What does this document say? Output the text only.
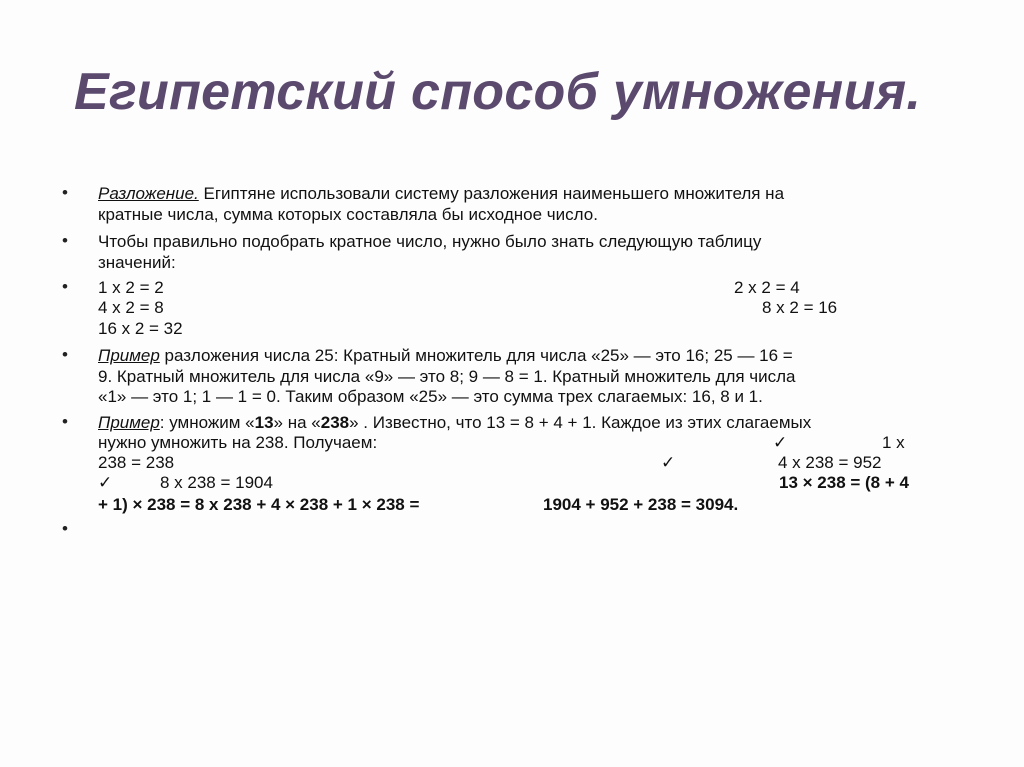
Египетский способ умножения.
• Разложение. Египтяне использовали систему разложения наименьшего множителя на
кратные числа, сумма которых составляла бы исходное число.
• Чтобы правильно подобрать кратное число, нужно было знать следующую таблицу
значений:
• 1 х 2 = 2	2 х 2 = 4
4 х 2 = 8	8 х 2 = 16
16 х 2 = 32
• Пример разложения числа 25: Кратный множитель для числа «25» — это 16; 25 — 16 =
9. Кратный множитель для числа «9» — это 8; 9 — 8 = 1. Кратный множитель для числа
«1» — это 1; 1 — 1 = 0. Таким образом «25» — это сумма трех слагаемых: 16, 8 и 1.
• Пример: умножим «13» на «238» . Известно, что 13 = 8 + 4 + 1. Каждое из этих слагаемых
нужно умножить на 238. Получаем:	✓	1 х
238 = 238	✓	4 х 238 = 952
✓	8 х 238 = 1904	13 × 238 = (8 + 4
+ 1) × 238 = 8 х 238 + 4 × 238 + 1 × 238 =	1904 + 952 + 238 = 3094.
•
